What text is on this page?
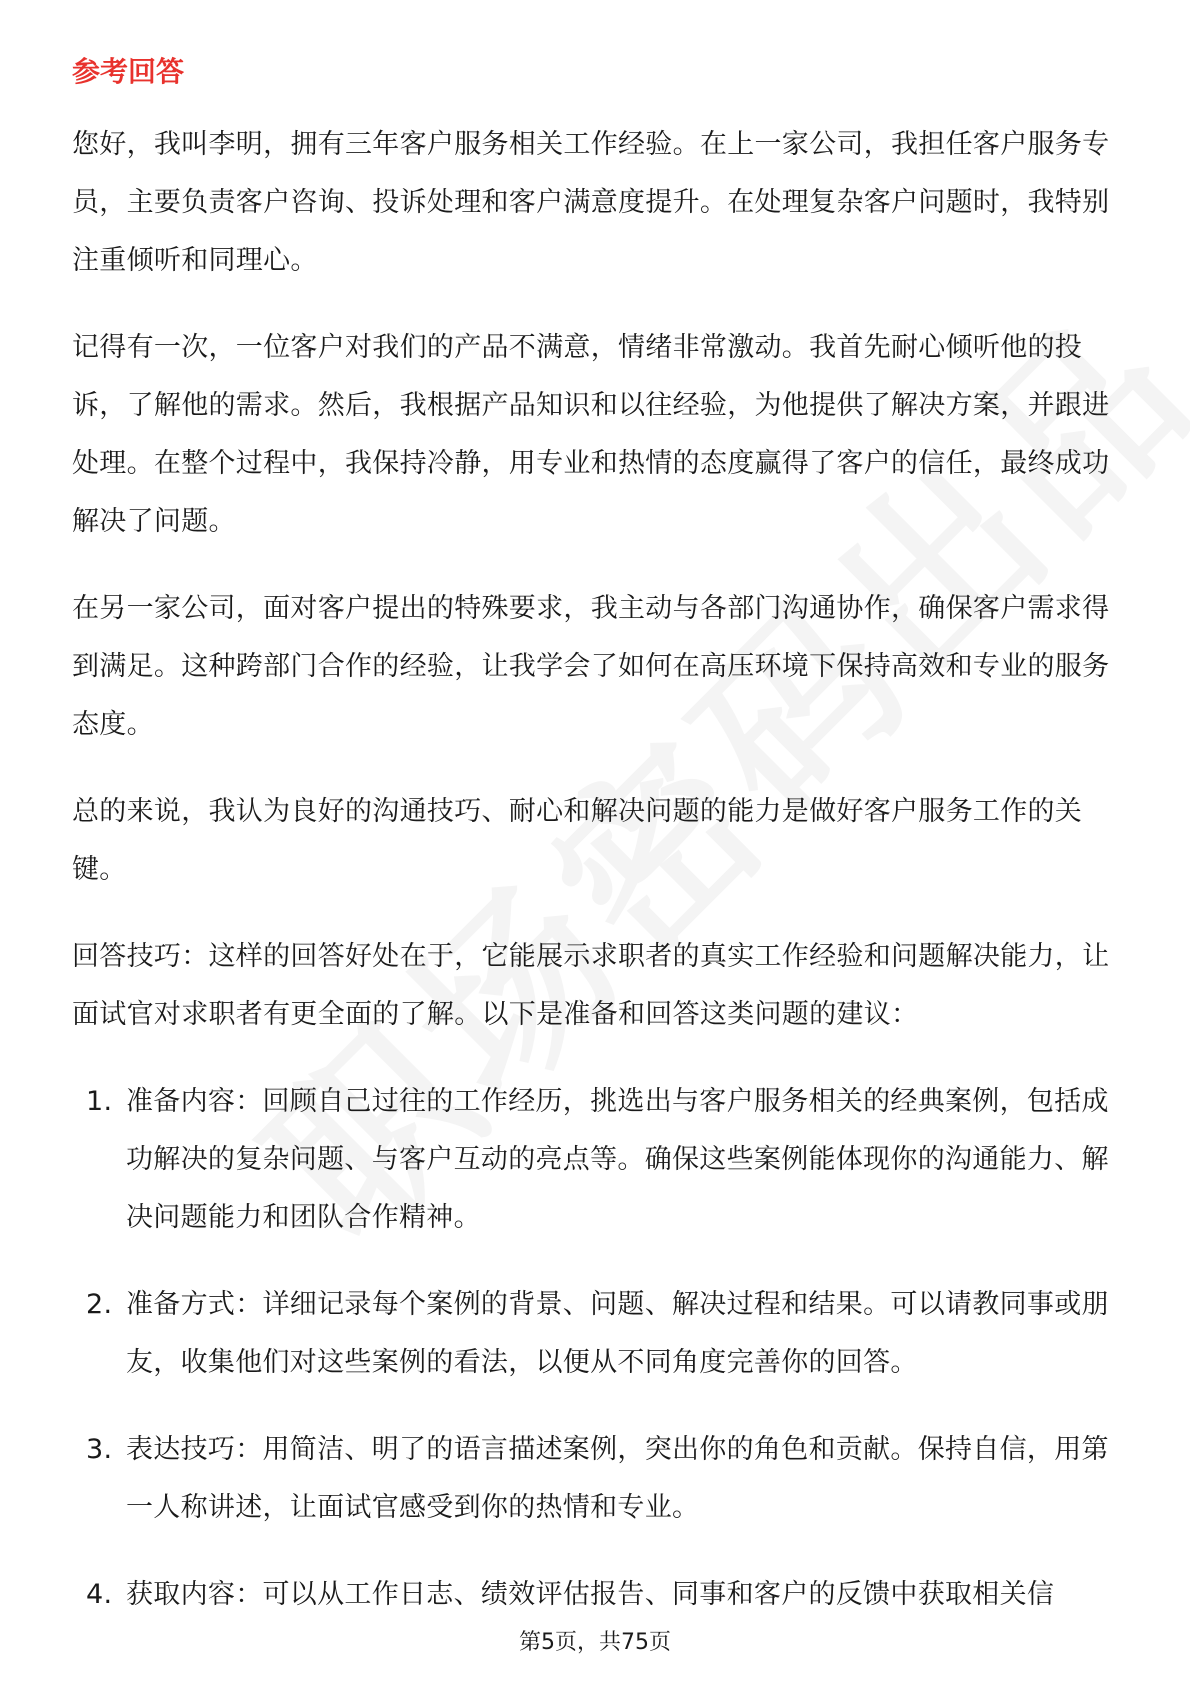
参考回答

您好，我叫李明，拥有三年客户服务相关工作经验。在上一家公司，我担任客户服务专员，主要负责客户咨询、投诉处理和客户满意度提升。在处理复杂客户问题时，我特别注重倾听和同理心。

记得有一次，一位客户对我们的产品不满意，情绪非常激动。我首先耐心倾听他的投诉，了解他的需求。然后，我根据产品知识和以往经验，为他提供了解决方案，并跟进处理。在整个过程中，我保持冷静，用专业和热情的态度赢得了客户的信任，最终成功解决了问题。

在另一家公司，面对客户提出的特殊要求，我主动与各部门沟通协作，确保客户需求得到满足。这种跨部门合作的经验，让我学会了如何在高压环境下保持高效和专业的服务态度。

总的来说，我认为良好的沟通技巧、耐心和解决问题的能力是做好客户服务工作的关键。

回答技巧：这样的回答好处在于，它能展示求职者的真实工作经验和问题解决能力，让面试官对求职者有更全面的了解。以下是准备和回答这类问题的建议：

1. 准备内容：回顾自己过往的工作经历，挑选出与客户服务相关的经典案例，包括成功解决的复杂问题、与客户互动的亮点等。确保这些案例能体现你的沟通能力、解决问题能力和团队合作精神。
2. 准备方式：详细记录每个案例的背景、问题、解决过程和结果。可以请教同事或朋友，收集他们对这些案例的看法，以便从不同角度完善你的回答。
3. 表达技巧：用简洁、明了的语言描述案例，突出你的角色和贡献。保持自信，用第一人称讲述，让面试官感受到你的热情和专业。
4. 获取内容：可以从工作日志、绩效评估报告、同事和客户的反馈中获取相关信
第5页，共75页
